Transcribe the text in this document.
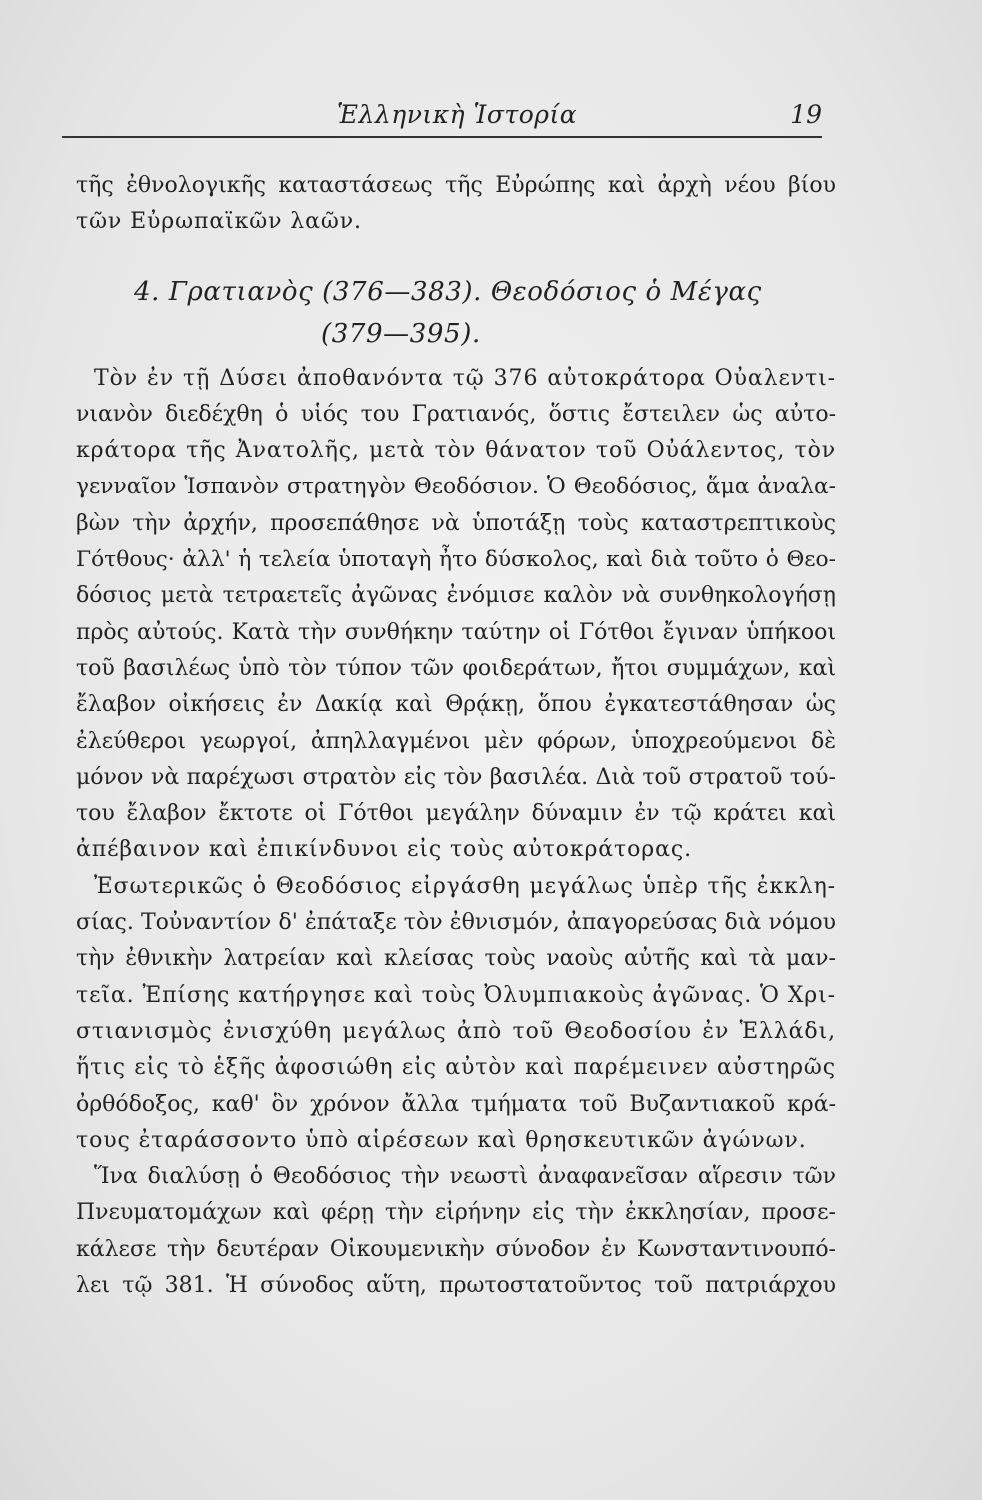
Ἑλληνικὴ Ἱστορία	19
τῆς ἐθνολογικῆς καταστάσεως τῆς Εὐρώπης καὶ ἀρχὴ νέου βίου
τῶν Εὐρωπαϊκῶν λαῶν.
4. Γρατιανὸς (376—383). Θεοδόσιος ὁ Μέγας
(379—395).
Τὸν ἐν τῇ Δύσει ἀποθανόντα τῷ 376 αὐτοκράτορα Οὐαλεντι-
νιανὸν διεδέχθη ὁ υἱός του Γρατιανός, ὅστις ἔστειλεν ὡς αὐτο-
κράτορα τῆς Ἀνατολῆς, μετὰ τὸν θάνατον τοῦ Οὐάλεντος, τὸν
γενναῖον Ἱσπανὸν στρατηγὸν Θεοδόσιον. Ὁ Θεοδόσιος, ἅμα ἀναλα-
βὼν τὴν ἀρχήν, προσεπάθησε νὰ ὑποτάξῃ τοὺς καταστρεπτικοὺς
Γότθους· ἀλλ' ἡ τελεία ὑποταγὴ ἦτο δύσκολος, καὶ διὰ τοῦτο ὁ Θεο-
δόσιος μετὰ τετραετεῖς ἀγῶνας ἐνόμισε καλὸν νὰ συνθηκολογήσῃ
πρὸς αὐτούς. Κατὰ τὴν συνθήκην ταύτην οἱ Γότθοι ἔγιναν ὑπήκοοι
τοῦ βασιλέως ὑπὸ τὸν τύπον τῶν φοιδεράτων, ἤτοι συμμάχων, καὶ
ἔλαβον οἰκήσεις ἐν Δακίᾳ καὶ Θρᾴκῃ, ὅπου ἐγκατεστάθησαν ὡς
ἐλεύθεροι γεωργοί, ἀπηλλαγμένοι μὲν φόρων, ὑποχρεούμενοι δὲ
μόνον νὰ παρέχωσι στρατὸν εἰς τὸν βασιλέα. Διὰ τοῦ στρατοῦ τού-
του ἔλαβον ἔκτοτε οἱ Γότθοι μεγάλην δύναμιν ἐν τῷ κράτει καὶ
ἀπέβαινον καὶ ἐπικίνδυνοι εἰς τοὺς αὐτοκράτορας.
Ἐσωτερικῶς ὁ Θεοδόσιος εἰργάσθη μεγάλως ὑπὲρ τῆς ἐκκλη-
σίας. Τοὐναντίον δ' ἐπάταξε τὸν ἐθνισμόν, ἀπαγορεύσας διὰ νόμου
τὴν ἐθνικὴν λατρείαν καὶ κλείσας τοὺς ναοὺς αὐτῆς καὶ τὰ μαν-
τεῖα. Ἐπίσης κατήργησε καὶ τοὺς Ὀλυμπιακοὺς ἀγῶνας. Ὁ Χρι-
στιανισμὸς ἐνισχύθη μεγάλως ἀπὸ τοῦ Θεοδοσίου ἐν Ἑλλάδι,
ἥτις εἰς τὸ ἑξῆς ἀφοσιώθη εἰς αὐτὸν καὶ παρέμεινεν αὐστηρῶς
ὀρθόδοξος, καθ' ὃν χρόνον ἄλλα τμήματα τοῦ Βυζαντιακοῦ κρά-
τους ἐταράσσοντο ὑπὸ αἱρέσεων καὶ θρησκευτικῶν ἀγώνων.
Ἵνα διαλύσῃ ὁ Θεοδόσιος τὴν νεωστὶ ἀναφανεῖσαν αἵρεσιν τῶν
Πνευματομάχων καὶ φέρῃ τὴν εἰρήνην εἰς τὴν ἐκκλησίαν, προσε-
κάλεσε τὴν δευτέραν Οἰκουμενικὴν σύνοδον ἐν Κωνσταντινουπό-
λει τῷ 381. Ἡ σύνοδος αὕτη, πρωτοστατοῦντος τοῦ πατριάρχου
